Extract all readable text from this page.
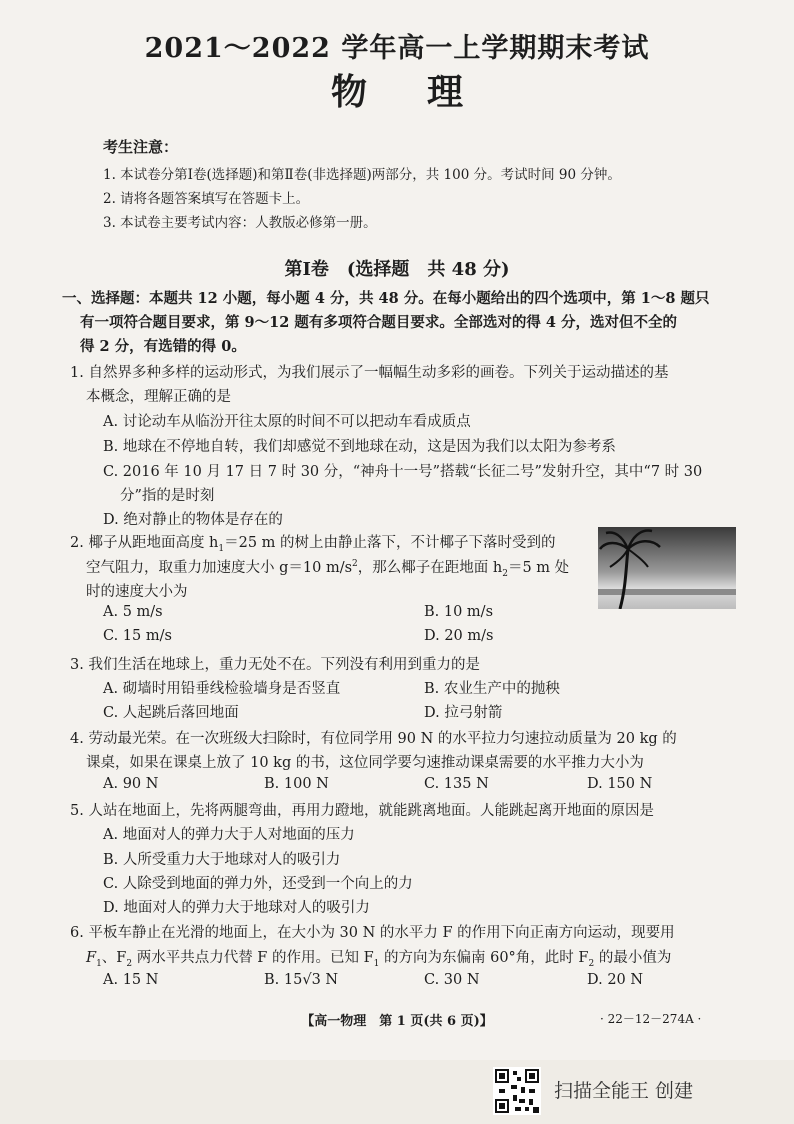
2021～2022 学年高一上学期期末考试
物理
考生注意：
1. 本试卷分第Ⅰ卷(选择题)和第Ⅱ卷(非选择题)两部分，共 100 分。考试时间 90 分钟。
2. 请将各题答案填写在答题卡上。
3. 本试卷主要考试内容：人教版必修第一册。
第Ⅰ卷　(选择题　共 48 分)
一、选择题：本题共 12 小题，每小题 4 分，共 48 分。在每小题给出的四个选项中，第 1～8 题只
有一项符合题目要求，第 9～12 题有多项符合题目要求。全部选对的得 4 分，选对但不全的
得 2 分，有选错的得 0。
1. 自然界多种多样的运动形式，为我们展示了一幅幅生动多彩的画卷。下列关于运动描述的基
本概念，理解正确的是
A. 讨论动车从临汾开往太原的时间不可以把动车看成质点
B. 地球在不停地自转，我们却感觉不到地球在动，这是因为我们以太阳为参考系
C. 2016 年 10 月 17 日 7 时 30 分，“神舟十一号”搭载“长征二号”发射升空，其中“7 时 30
分”指的是时刻
D. 绝对静止的物体是存在的
2. 椰子从距地面高度 $h_1=25$ m 的树上由静止落下，不计椰子下落时受到的
空气阻力，取重力加速度大小 g＝10 $m/s^2$，那么椰子在距地面 $h_2=5$ m 处
时的速度大小为
A. 5 m/s	B. 10 m/s
C. 15 m/s	D. 20 m/s
3. 我们生活在地球上，重力无处不在。下列没有利用到重力的是
A. 砌墙时用铅垂线检验墙身是否竖直	B. 农业生产中的抛秧
C. 人起跳后落回地面	D. 拉弓射箭
4. 劳动最光荣。在一次班级大扫除时，有位同学用 90 N 的水平拉力匀速拉动质量为 20 kg 的
课桌，如果在课桌上放了 10 kg 的书，这位同学要匀速推动课桌需要的水平推力大小为
A. 90 N	B. 100 N	C. 135 N	D. 150 N
5. 人站在地面上，先将两腿弯曲，再用力蹬地，就能跳离地面。人能跳起离开地面的原因是
A. 地面对人的弹力大于人对地面的压力
B. 人所受重力大于地球对人的吸引力
C. 人除受到地面的弹力外，还受到一个向上的力
D. 地面对人的弹力大于地球对人的吸引力
6. 平板车静止在光滑的地面上，在大小为 30 N 的水平力 F 的作用下向正南方向运动，现要用
$F_1$、$F_2$ 两水平共点力代替 F 的作用。已知 $F_1$ 的方向为东偏南 60°角，此时 $F_2$ 的最小值为
A. 15 N	B. 15√3 N	C. 30 N	D. 20 N
【高一物理　第 1 页(共 6 页)】	· 22－12－274A ·
扫描全能王 创建
